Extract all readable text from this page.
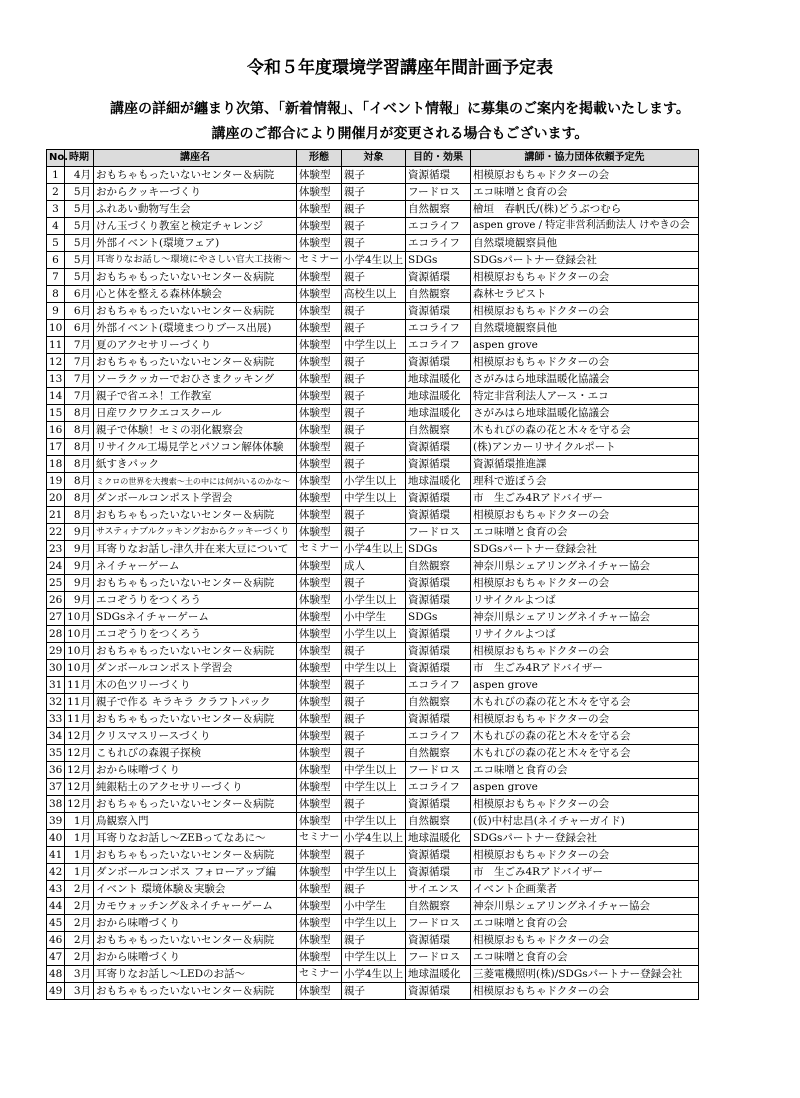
令和５年度環境学習講座年間計画予定表
講座の詳細が纏まり次第、「新着情報」、「イベント情報」に募集のご案内を掲載いたします。
講座のご都合により開催月が変更される場合もございます。
No.	時期	講座名	形態	対象	目的・効果	講師・協力団体依頼予定先
1	4月	おもちゃもったいないセンター＆病院	体験型	親子	資源循環	相模原おもちゃドクターの会
2	5月	おからクッキーづくり	体験型	親子	フードロス	エコ味噌と食育の会
3	5月	ふれあい動物写生会	体験型	親子	自然観察	檜垣　春帆氏/(株)どうぶつむら
4	5月	けん玉づくり教室と検定チャレンジ	体験型	親子	エコライフ	aspen grove / 特定非営利活動法人 けやきの会
5	5月	外部イベント(環境フェア)	体験型	親子	エコライフ	自然環境観察員他
6	5月	耳寄りなお話し～環境にやさしい官大工技術～	セミナー	小学4生以上	SDGs	SDGsパートナー登録会社
7	5月	おもちゃもったいないセンター＆病院	体験型	親子	資源循環	相模原おもちゃドクターの会
8	6月	心と体を整える森林体験会	体験型	高校生以上	自然観察	森林セラピスト
9	6月	おもちゃもったいないセンター＆病院	体験型	親子	資源循環	相模原おもちゃドクターの会
10	6月	外部イベント(環境まつりブース出展)	体験型	親子	エコライフ	自然環境観察員他
11	7月	夏のアクセサリーづくり	体験型	中学生以上	エコライフ	aspen grove
12	7月	おもちゃもったいないセンター＆病院	体験型	親子	資源循環	相模原おもちゃドクターの会
13	7月	ソーラクッカーでおひさまクッキング	体験型	親子	地球温暖化	さがみはら地球温暖化協議会
14	7月	親子で省エネ！工作教室	体験型	親子	地球温暖化	特定非営利法人アース・エコ
15	8月	日産ワクワクエコスクール	体験型	親子	地球温暖化	さがみはら地球温暖化協議会
16	8月	親子で体験！セミの羽化観察会	体験型	親子	自然観察	木もれびの森の花と木々を守る会
17	8月	リサイクル工場見学とパソコン解体体験	体験型	親子	資源循環	(株)アンカーリサイクルポート
18	8月	紙すきパック	体験型	親子	資源循環	資源循環推進課
19	8月	ミクロの世界を大捜索～土の中には何がいるのかな～	体験型	小学生以上	地球温暖化	理科で遊ぼう会
20	8月	ダンボールコンポスト学習会	体験型	中学生以上	資源循環	市　生ごみ4Rアドバイザー
21	8月	おもちゃもったいないセンター＆病院	体験型	親子	資源循環	相模原おもちゃドクターの会
22	9月	サスティナブルクッキングおからクッキーづくり	体験型	親子	フードロス	エコ味噌と食育の会
23	9月	耳寄りなお話し-津久井在来大豆について	セミナー	小学4生以上	SDGs	SDGsパートナー登録会社
24	9月	ネイチャーゲーム	体験型	成人	自然観察	神奈川県シェアリングネイチャー協会
25	9月	おもちゃもったいないセンター＆病院	体験型	親子	資源循環	相模原おもちゃドクターの会
26	9月	エコぞうりをつくろう	体験型	小学生以上	資源循環	リサイクルよつば
27	10月	SDGsネイチャーゲーム	体験型	小中学生	SDGs	神奈川県シェアリングネイチャー協会
28	10月	エコぞうりをつくろう	体験型	小学生以上	資源循環	リサイクルよつば
29	10月	おもちゃもったいないセンター＆病院	体験型	親子	資源循環	相模原おもちゃドクターの会
30	10月	ダンボールコンポスト学習会	体験型	中学生以上	資源循環	市　生ごみ4Rアドバイザー
31	11月	木の色ツリーづくり	体験型	親子	エコライフ	aspen grove
32	11月	親子で作る キラキラ クラフトパック	体験型	親子	自然観察	木もれびの森の花と木々を守る会
33	11月	おもちゃもったいないセンター＆病院	体験型	親子	資源循環	相模原おもちゃドクターの会
34	12月	クリスマスリースづくり	体験型	親子	エコライフ	木もれびの森の花と木々を守る会
35	12月	こもれびの森親子探検	体験型	親子	自然観察	木もれびの森の花と木々を守る会
36	12月	おから味噌づくり	体験型	中学生以上	フードロス	エコ味噌と食育の会
37	12月	純銀粘土のアクセサリーづくり	体験型	中学生以上	エコライフ	aspen grove
38	12月	おもちゃもったいないセンター＆病院	体験型	親子	資源循環	相模原おもちゃドクターの会
39	1月	鳥観察入門	体験型	中学生以上	自然観察	(仮)中村忠昌(ネイチャーガイド)
40	1月	耳寄りなお話し～ZEBってなあに～	セミナー	小学4生以上	地球温暖化	SDGsパートナー登録会社
41	1月	おもちゃもったいないセンター＆病院	体験型	親子	資源循環	相模原おもちゃドクターの会
42	1月	ダンボールコンポス フォローアップ編	体験型	中学生以上	資源循環	市　生ごみ4Rアドバイザー
43	2月	イベント 環境体験＆実験会	体験型	親子	サイエンス	イベント企画業者
44	2月	カモウォッチング＆ネイチャーゲーム	体験型	小中学生	自然観察	神奈川県シェアリングネイチャー協会
45	2月	おから味噌づくり	体験型	中学生以上	フードロス	エコ味噌と食育の会
46	2月	おもちゃもったいないセンター＆病院	体験型	親子	資源循環	相模原おもちゃドクターの会
47	2月	おから味噌づくり	体験型	中学生以上	フードロス	エコ味噌と食育の会
48	3月	耳寄りなお話し～LEDのお話～	セミナー	小学4生以上	地球温暖化	三菱電機照明(株)/SDGsパートナー登録会社
49	3月	おもちゃもったいないセンター＆病院	体験型	親子	資源循環	相模原おもちゃドクターの会
